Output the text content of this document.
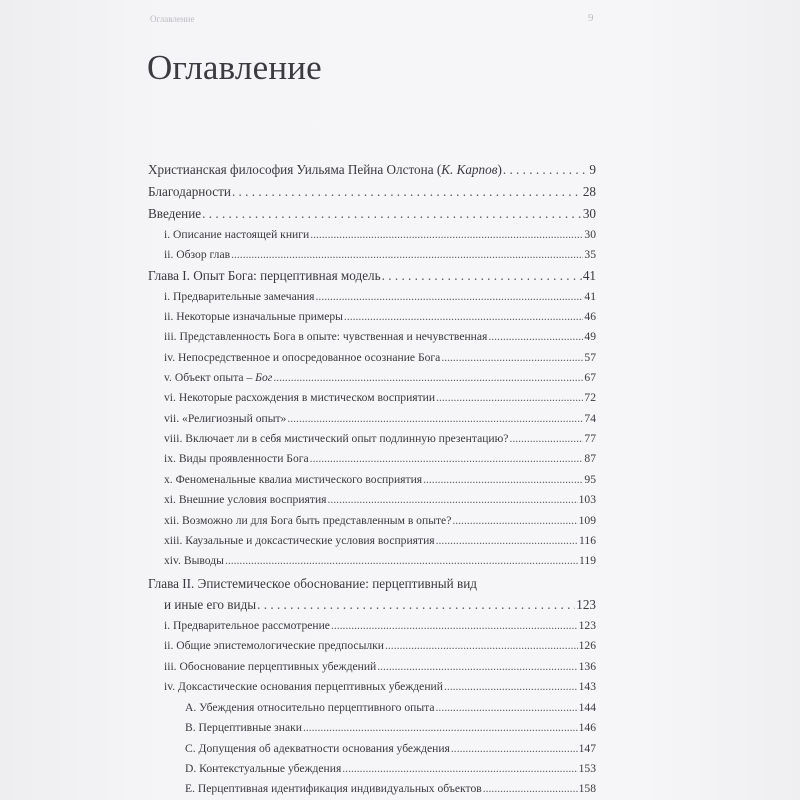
Оглавление	9
Оглавление
Христианская философия Уильяма Пейна Олстона (К. Карпов) . . .	9
Благодарности . . .	28
Введение . . .	30
i. Описание настоящей книги .....	30
ii. Обзор глав .....	35
Глава I. Опыт Бога: перцептивная модель . . .	41
i. Предварительные замечания .....	41
ii. Некоторые изначальные примеры .....	46
iii. Представленность Бога в опыте: чувственная и нечувственная .....	49
iv. Непосредственное и опосредованное осознание Бога .....	57
v. Объект опыта – Бог .....	67
vi. Некоторые расхождения в мистическом восприятии .....	72
vii. «Религиозный опыт» .....	74
viii. Включает ли в себя мистический опыт подлинную презентацию? .....	77
ix. Виды проявленности Бога .....	87
x. Феноменальные квалиа мистического восприятия .....	95
xi. Внешние условия восприятия .....	103
xii. Возможно ли для Бога быть представленным в опыте? .....	109
xiii. Каузальные и доксастические условия восприятия .....	116
xiv. Выводы .....	119
Глава II. Эпистемическое обоснование: перцептивный вид
и иные его виды . . .	123
i. Предварительное рассмотрение .....	123
ii. Общие эпистемологические предпосылки .....	126
iii. Обоснование перцептивных убеждений .....	136
iv. Доксастические основания перцептивных убеждений .....	143
A. Убеждения относительно перцептивного опыта .....	144
B. Перцептивные знаки .....	146
C. Допущения об адекватности основания убеждения .....	147
D. Контекстуальные убеждения .....	153
E. Перцептивная идентификация индивидуальных объектов .....	158
